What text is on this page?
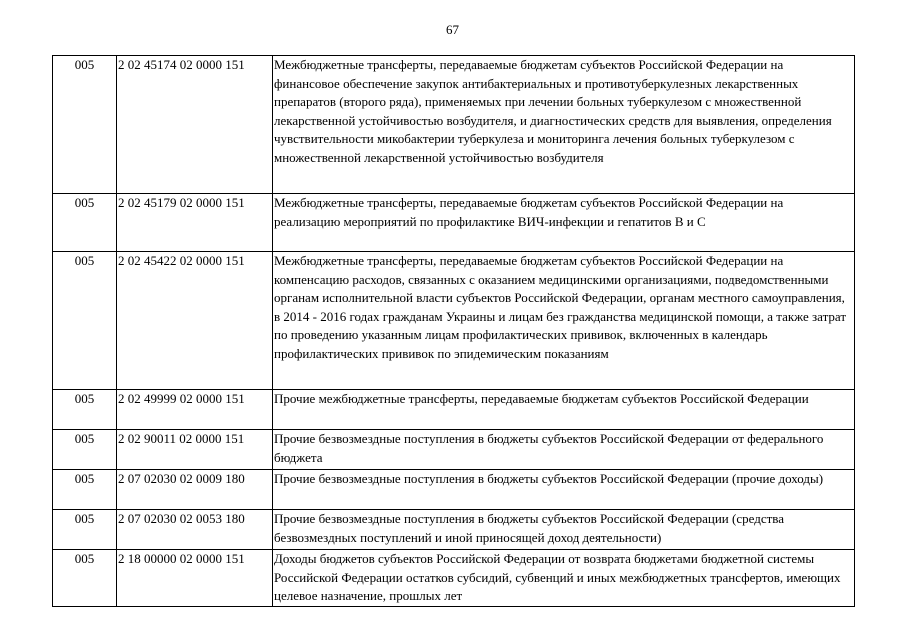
67
005	2 02 45174 02 0000 151	Межбюджетные трансферты, передаваемые бюджетам субъектов Российской Федерации на финансовое обеспечение закупок антибактериальных и противотуберкулезных лекарственных препаратов (второго ряда), применяемых при лечении больных туберкулезом с множественной лекарственной устойчивостью возбудителя, и диагностических средств для выявления, определения чувствительности микобактерии туберкулеза и мониторинга лечения больных туберкулезом с множественной лекарственной устойчивостью возбудителя
005	2 02 45179 02 0000 151	Межбюджетные трансферты, передаваемые бюджетам субъектов Российской Федерации на реализацию мероприятий по профилактике ВИЧ-инфекции и гепатитов В и С
005	2 02 45422 02 0000 151	Межбюджетные трансферты, передаваемые бюджетам субъектов Российской Федерации на компенсацию расходов, связанных с оказанием медицинскими организациями, подведомственными органам исполнительной власти субъектов Российской Федерации, органам местного самоуправления, в 2014 - 2016 годах гражданам Украины и лицам без гражданства медицинской помощи, а также затрат по проведению указанным лицам профилактических прививок, включенных в календарь профилактических прививок по эпидемическим показаниям
005	2 02 49999 02 0000 151	Прочие межбюджетные трансферты, передаваемые бюджетам субъектов Российской Федерации
005	2 02 90011 02 0000 151	Прочие безвозмездные поступления в бюджеты субъектов Российской Федерации от федерального бюджета
005	2 07 02030 02 0009 180	Прочие безвозмездные поступления в бюджеты субъектов Российской Федерации (прочие доходы)
005	2 07 02030 02 0053 180	Прочие безвозмездные поступления в бюджеты субъектов Российской Федерации (средства безвозмездных поступлений и иной приносящей доход деятельности)
005	2 18 00000 02 0000 151	Доходы бюджетов субъектов Российской Федерации от возврата бюджетами бюджетной системы Российской Федерации остатков субсидий, субвенций и иных межбюджетных трансфертов, имеющих целевое назначение, прошлых лет
